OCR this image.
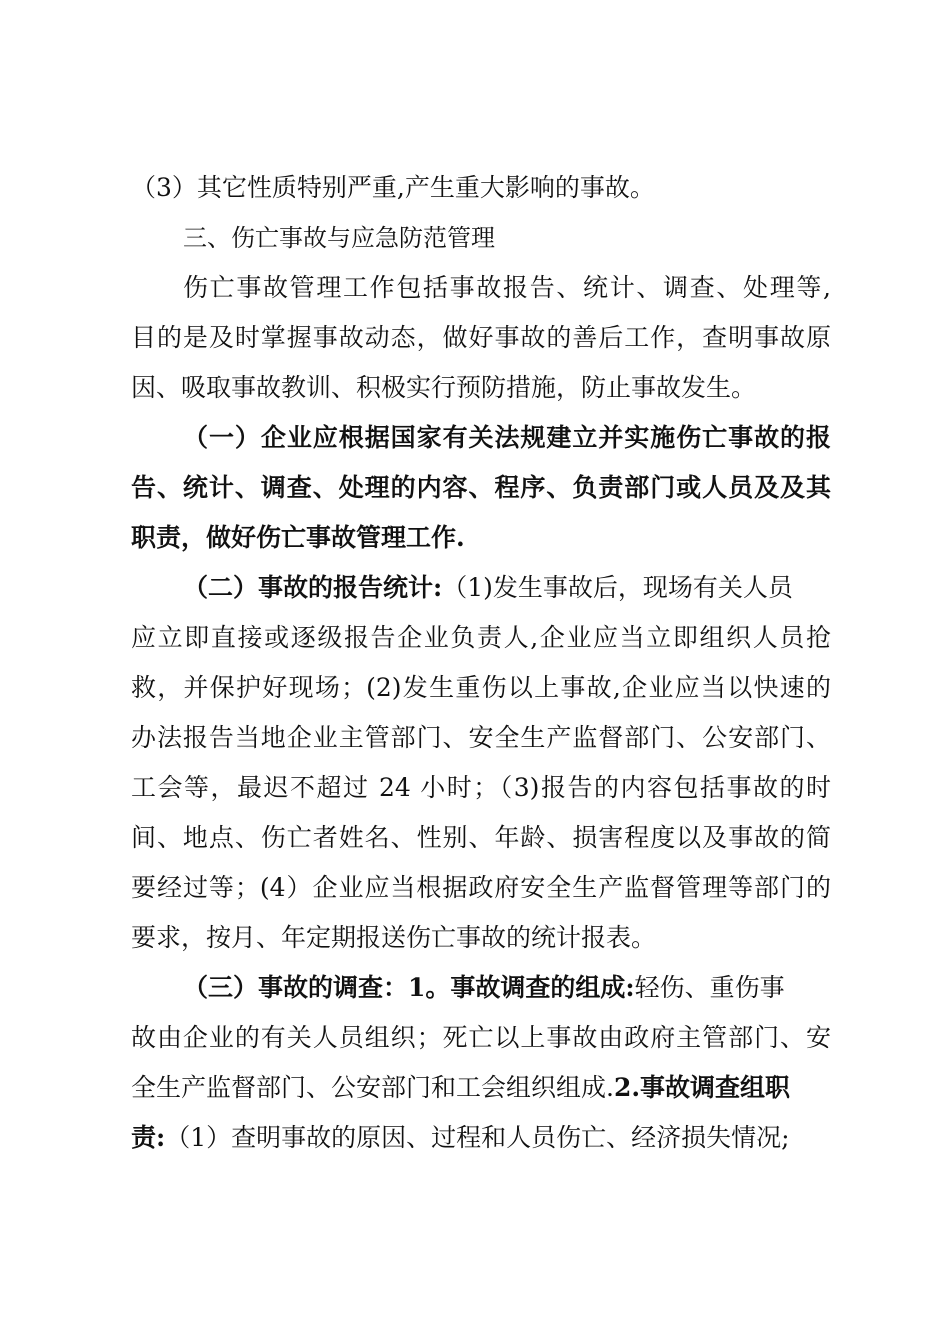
（3）其它性质特别严重,产生重大影响的事故。
三、伤亡事故与应急防范管理
伤亡事故管理工作包括事故报告、统计、调查、处理等,
目的是及时掌握事故动态，做好事故的善后工作，查明事故原
因、吸取事故教训、积极实行预防措施，防止事故发生。
（一）企业应根据国家有关法规建立并实施伤亡事故的报
告、统计、调查、处理的内容、程序、负责部门或人员及及其
职责，做好伤亡事故管理工作.
（二）事故的报告统计:（1)发生事故后，现场有关人员
应立即直接或逐级报告企业负责人,企业应当立即组织人员抢
救，并保护好现场；(2)发生重伤以上事故,企业应当以快速的
办法报告当地企业主管部门、安全生产监督部门、公安部门、
工会等，最迟不超过 24 小时；（3)报告的内容包括事故的时
间、地点、伤亡者姓名、性别、年龄、损害程度以及事故的简
要经过等；(4）企业应当根据政府安全生产监督管理等部门的
要求，按月、年定期报送伤亡事故的统计报表。
（三）事故的调查：1。事故调查的组成:轻伤、重伤事
故由企业的有关人员组织；死亡以上事故由政府主管部门、安
全生产监督部门、公安部门和工会组织组成.2.事故调查组职
责:（1）查明事故的原因、过程和人员伤亡、经济损失情况;
